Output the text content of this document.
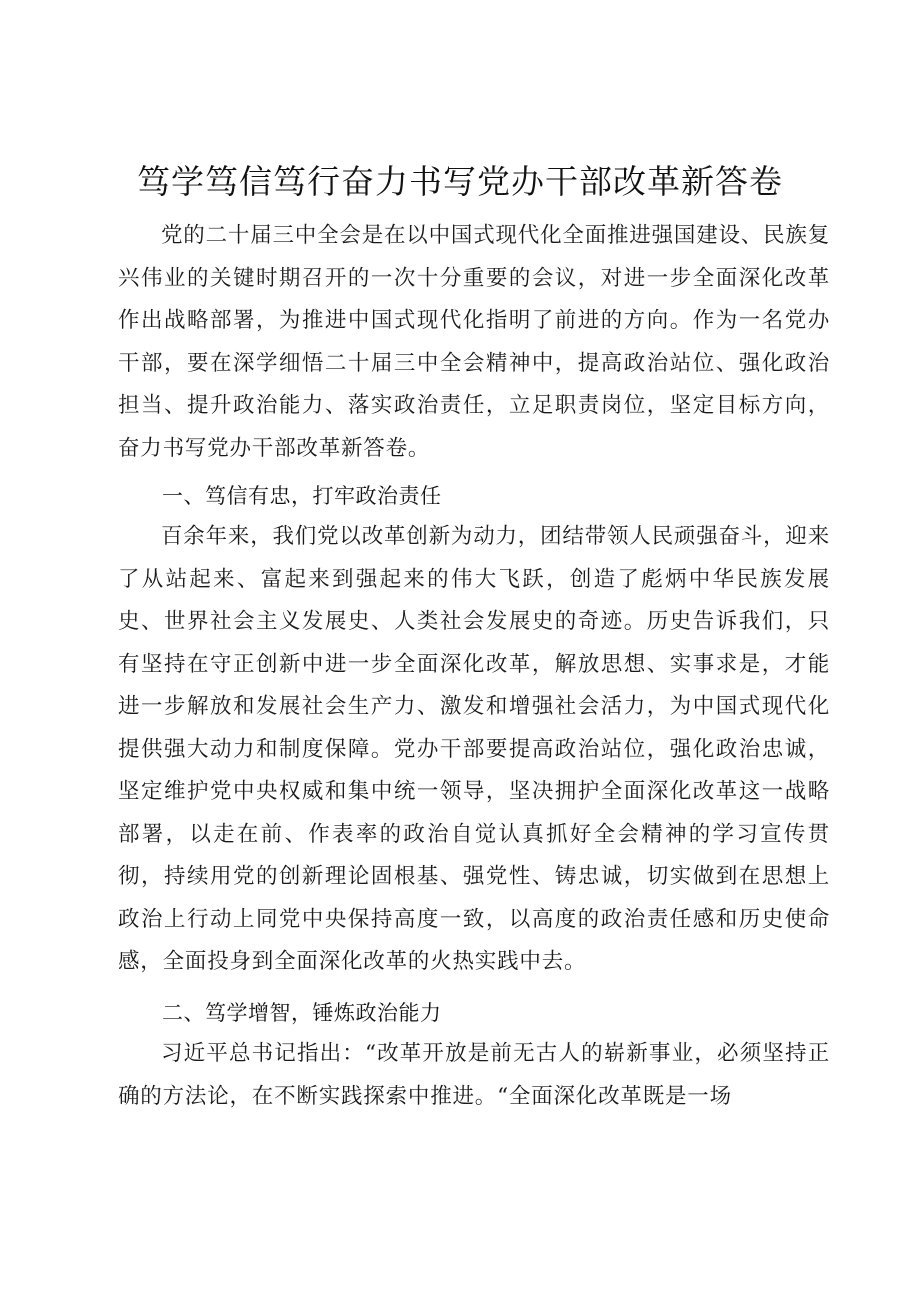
笃学笃信笃行奋力书写党办干部改革新答卷
党的二十届三中全会是在以中国式现代化全面推进强国建设、民族复兴伟业的关键时期召开的一次十分重要的会议，对进一步全面深化改革作出战略部署，为推进中国式现代化指明了前进的方向。作为一名党办干部，要在深学细悟二十届三中全会精神中，提高政治站位、强化政治担当、提升政治能力、落实政治责任，立足职责岗位，坚定目标方向，奋力书写党办干部改革新答卷。
一、笃信有忠，打牢政治责任
百余年来，我们党以改革创新为动力，团结带领人民顽强奋斗，迎来了从站起来、富起来到强起来的伟大飞跃，创造了彪炳中华民族发展史、世界社会主义发展史、人类社会发展史的奇迹。历史告诉我们，只有坚持在守正创新中进一步全面深化改革，解放思想、实事求是，才能进一步解放和发展社会生产力、激发和增强社会活力，为中国式现代化提供强大动力和制度保障。党办干部要提高政治站位，强化政治忠诚，坚定维护党中央权威和集中统一领导，坚决拥护全面深化改革这一战略部署，以走在前、作表率的政治自觉认真抓好全会精神的学习宣传贯彻，持续用党的创新理论固根基、强党性、铸忠诚，切实做到在思想上政治上行动上同党中央保持高度一致，以高度的政治责任感和历史使命感，全面投身到全面深化改革的火热实践中去。
二、笃学增智，锤炼政治能力
习近平总书记指出：“改革开放是前无古人的崭新事业，必须坚持正确的方法论，在不断实践探索中推进。“全面深化改革既是一场
